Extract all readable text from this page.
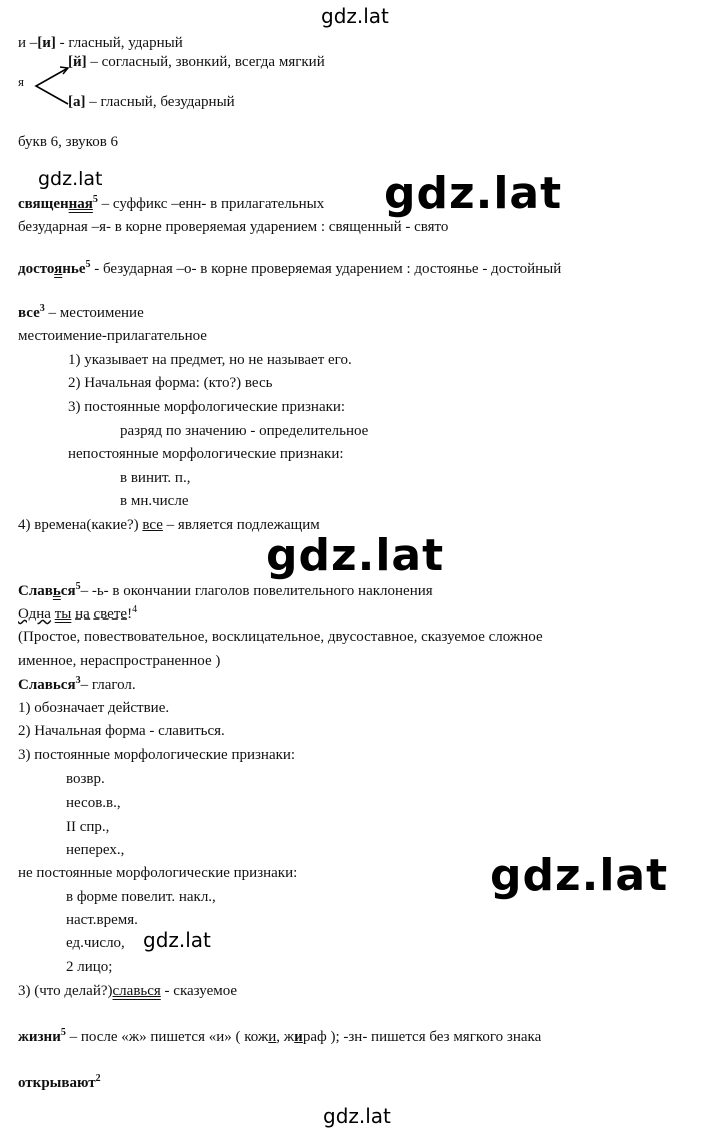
gdz.lat
gdz.lat	gdz.lat
gdz.lat
gdz.lat
gdz.lat
gdz.lat
и –[и] - гласный, ударный
[й] – согласный, звонкий, всегда мягкий
я
[а] – гласный, безударный
букв 6, звуков 6
священная$^5$ – суффикс –енн- в прилагательных
безударная –я- в корне проверяемая ударением : священный - свято
достоянье$^5$ - безударная –о- в корне проверяемая ударением : достоянье - достойный
все$^3$ – местоимение
местоимение-прилагательное
1) указывает на предмет, но не называет его.
2) Начальная форма: (кто?) весь
3) постоянные морфологические признаки:
разряд по значению - определительное
непостоянные морфологические признаки:
в винит. п.,
в мн.числе
4) времена(какие?) все – является подлежащим
Славься$^5$– -ь- в окончании глаголов повелительного наклонения
Одна ты на свете!$^4$
(Простое, повествовательное, восклицательное, двусоставное, сказуемое сложное
именное, нераспространенное )
Славься$^3$– глагол.
1) обозначает действие.
2) Начальная форма - славиться.
3) постоянные морфологические признаки:
возвр.
несов.в.,
II спр.,
неперех.,
не постоянные морфологические признаки:
в форме повелит. накл.,
наст.время.
ед.число,
2 лицо;
3) (что делай?)славься - сказуемое
жизни$^5$ – после «ж» пишется «и» ( кожи, жираф ); -зн- пишется без мягкого знака
открывают$^2$
